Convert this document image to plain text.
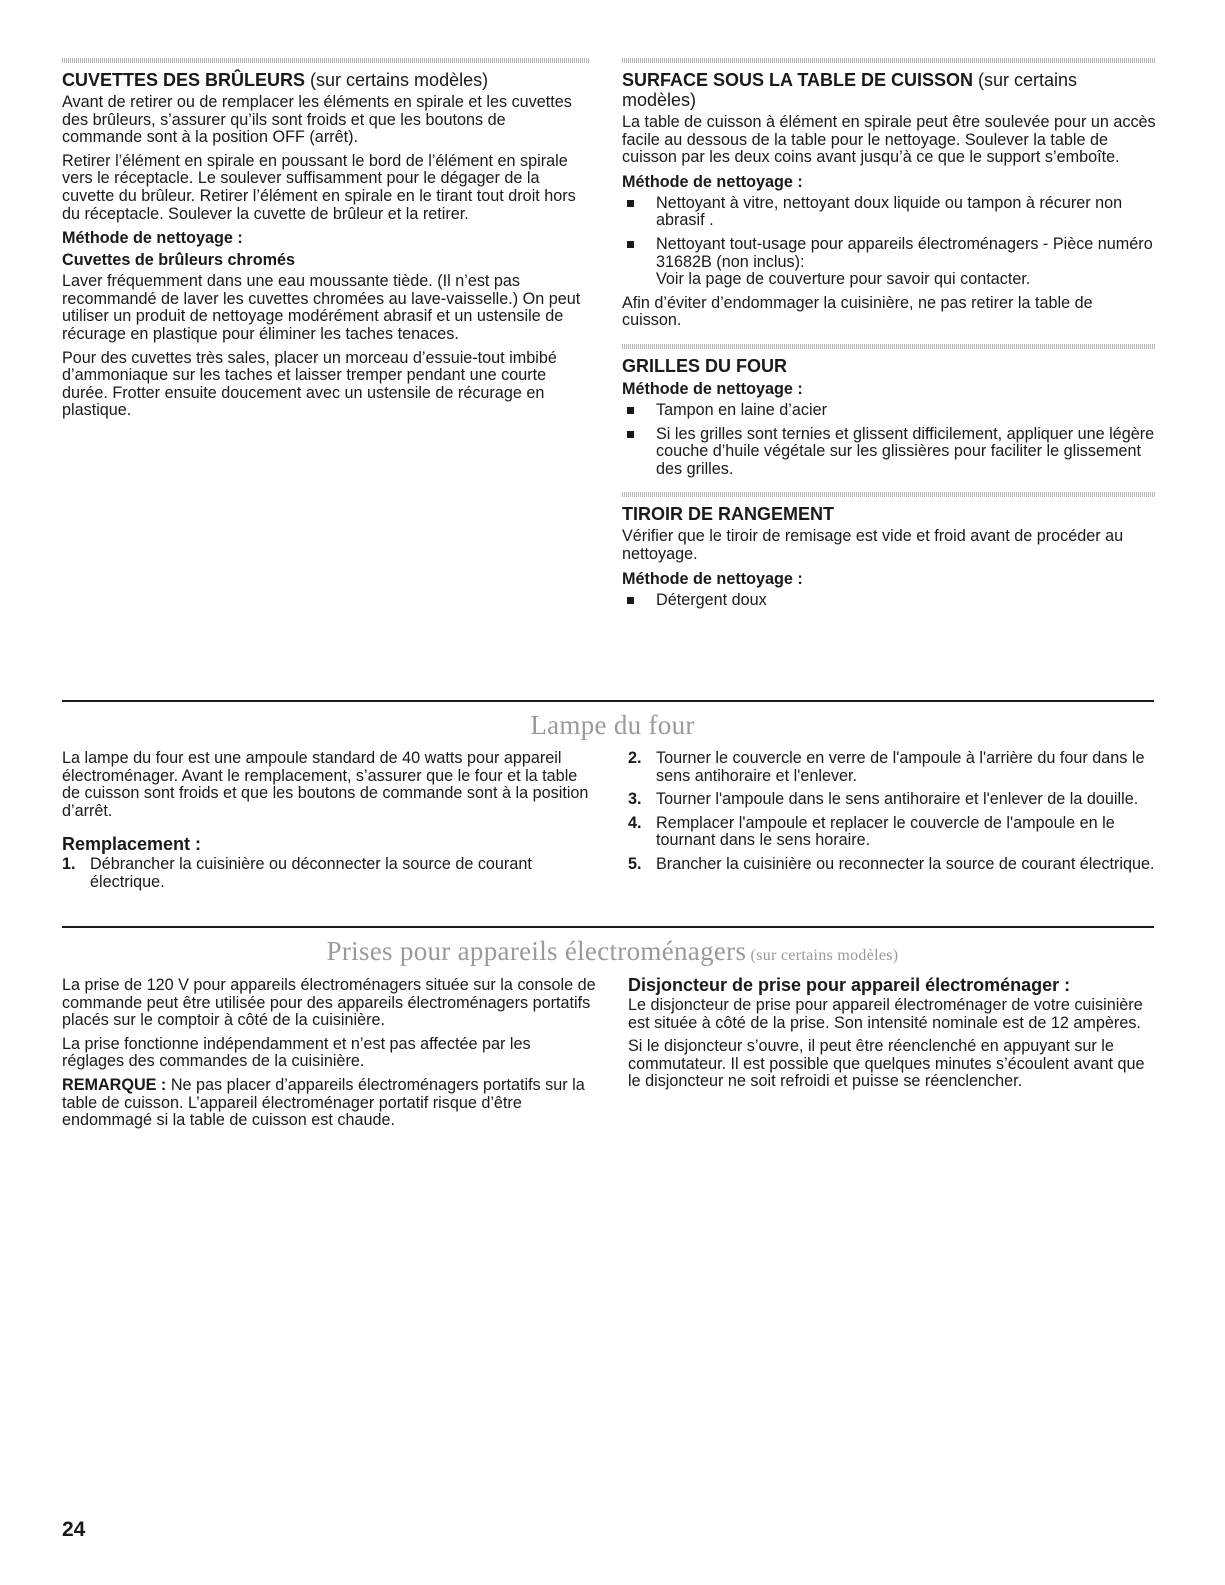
CUVETTES DES BRÛLEURS (sur certains modèles)

Avant de retirer ou de remplacer les éléments en spirale et les cuvettes des brûleurs, s’assurer qu’ils sont froids et que les boutons de commande sont à la position OFF (arrêt).

Retirer l’élément en spirale en poussant le bord de l’élément en spirale vers le réceptacle. Le soulever suffisamment pour le dégager de la cuvette du brûleur. Retirer l’élément en spirale en le tirant tout droit hors du réceptacle. Soulever la cuvette de brûleur et la retirer.

Méthode de nettoyage :
Cuvettes de brûleurs chromés

Laver fréquemment dans une eau moussante tiède. (Il n’est pas recommandé de laver les cuvettes chromées au lave-vaisselle.) On peut utiliser un produit de nettoyage modérément abrasif et un ustensile de récurage en plastique pour éliminer les taches tenaces.

Pour des cuvettes très sales, placer un morceau d’essuie-tout imbibé d’ammoniaque sur les taches et laisser tremper pendant une courte durée. Frotter ensuite doucement avec un ustensile de récurage en plastique.

SURFACE SOUS LA TABLE DE CUISSON (sur certains modèles)

La table de cuisson à élément en spirale peut être soulevée pour un accès facile au dessous de la table pour le nettoyage. Soulever la table de cuisson par les deux coins avant jusqu’à ce que le support s’emboîte.

Méthode de nettoyage :
Nettoyant à vitre, nettoyant doux liquide ou tampon à récurer non abrasif .
Nettoyant tout-usage pour appareils électroménagers - Pièce numéro 31682B (non inclus):
Voir la page de couverture pour savoir qui contacter.

Afin d’éviter d’endommager la cuisinière, ne pas retirer la table de cuisson.

GRILLES DU FOUR
Méthode de nettoyage :
Tampon en laine d’acier
Si les grilles sont ternies et glissent difficilement, appliquer une légère couche d’huile végétale sur les glissières pour faciliter le glissement des grilles.
TIROIR DE RANGEMENT

Vérifier que le tiroir de remisage est vide et froid avant de procéder au nettoyage.

Méthode de nettoyage :
Détergent doux
Lampe du four

La lampe du four est une ampoule standard de 40 watts pour appareil électroménager. Avant le remplacement, s’assurer que le four et la table de cuisson sont froids et que les boutons de commande sont à la position d’arrêt.

Remplacement :
1. Débrancher la cuisinière ou déconnecter la source de courant électrique.
2. Tourner le couvercle en verre de l'ampoule à l'arrière du four dans le sens antihoraire et l'enlever.
3. Tourner l'ampoule dans le sens antihoraire et l'enlever de la douille.
4. Remplacer l'ampoule et replacer le couvercle de l'ampoule en le tournant dans le sens horaire.
5. Brancher la cuisinière ou reconnecter la source de courant électrique.
Prises pour appareils électroménagers (sur certains modèles)

La prise de 120 V pour appareils électroménagers située sur la console de commande peut être utilisée pour des appareils électroménagers portatifs placés sur le comptoir à côté de la cuisinière.

La prise fonctionne indépendamment et n’est pas affectée par les réglages des commandes de la cuisinière.

REMARQUE : Ne pas placer d’appareils électroménagers portatifs sur la table de cuisson. L’appareil électroménager portatif risque d’être endommagé si la table de cuisson est chaude.

Disjoncteur de prise pour appareil électroménager :

Le disjoncteur de prise pour appareil électroménager de votre cuisinière est située à côté de la prise. Son intensité nominale est de 12 ampères.

Si le disjoncteur s’ouvre, il peut être réenclenché en appuyant sur le commutateur. Il est possible que quelques minutes s’écoulent avant que le disjoncteur ne soit refroidi et puisse se réenclencher.

24
